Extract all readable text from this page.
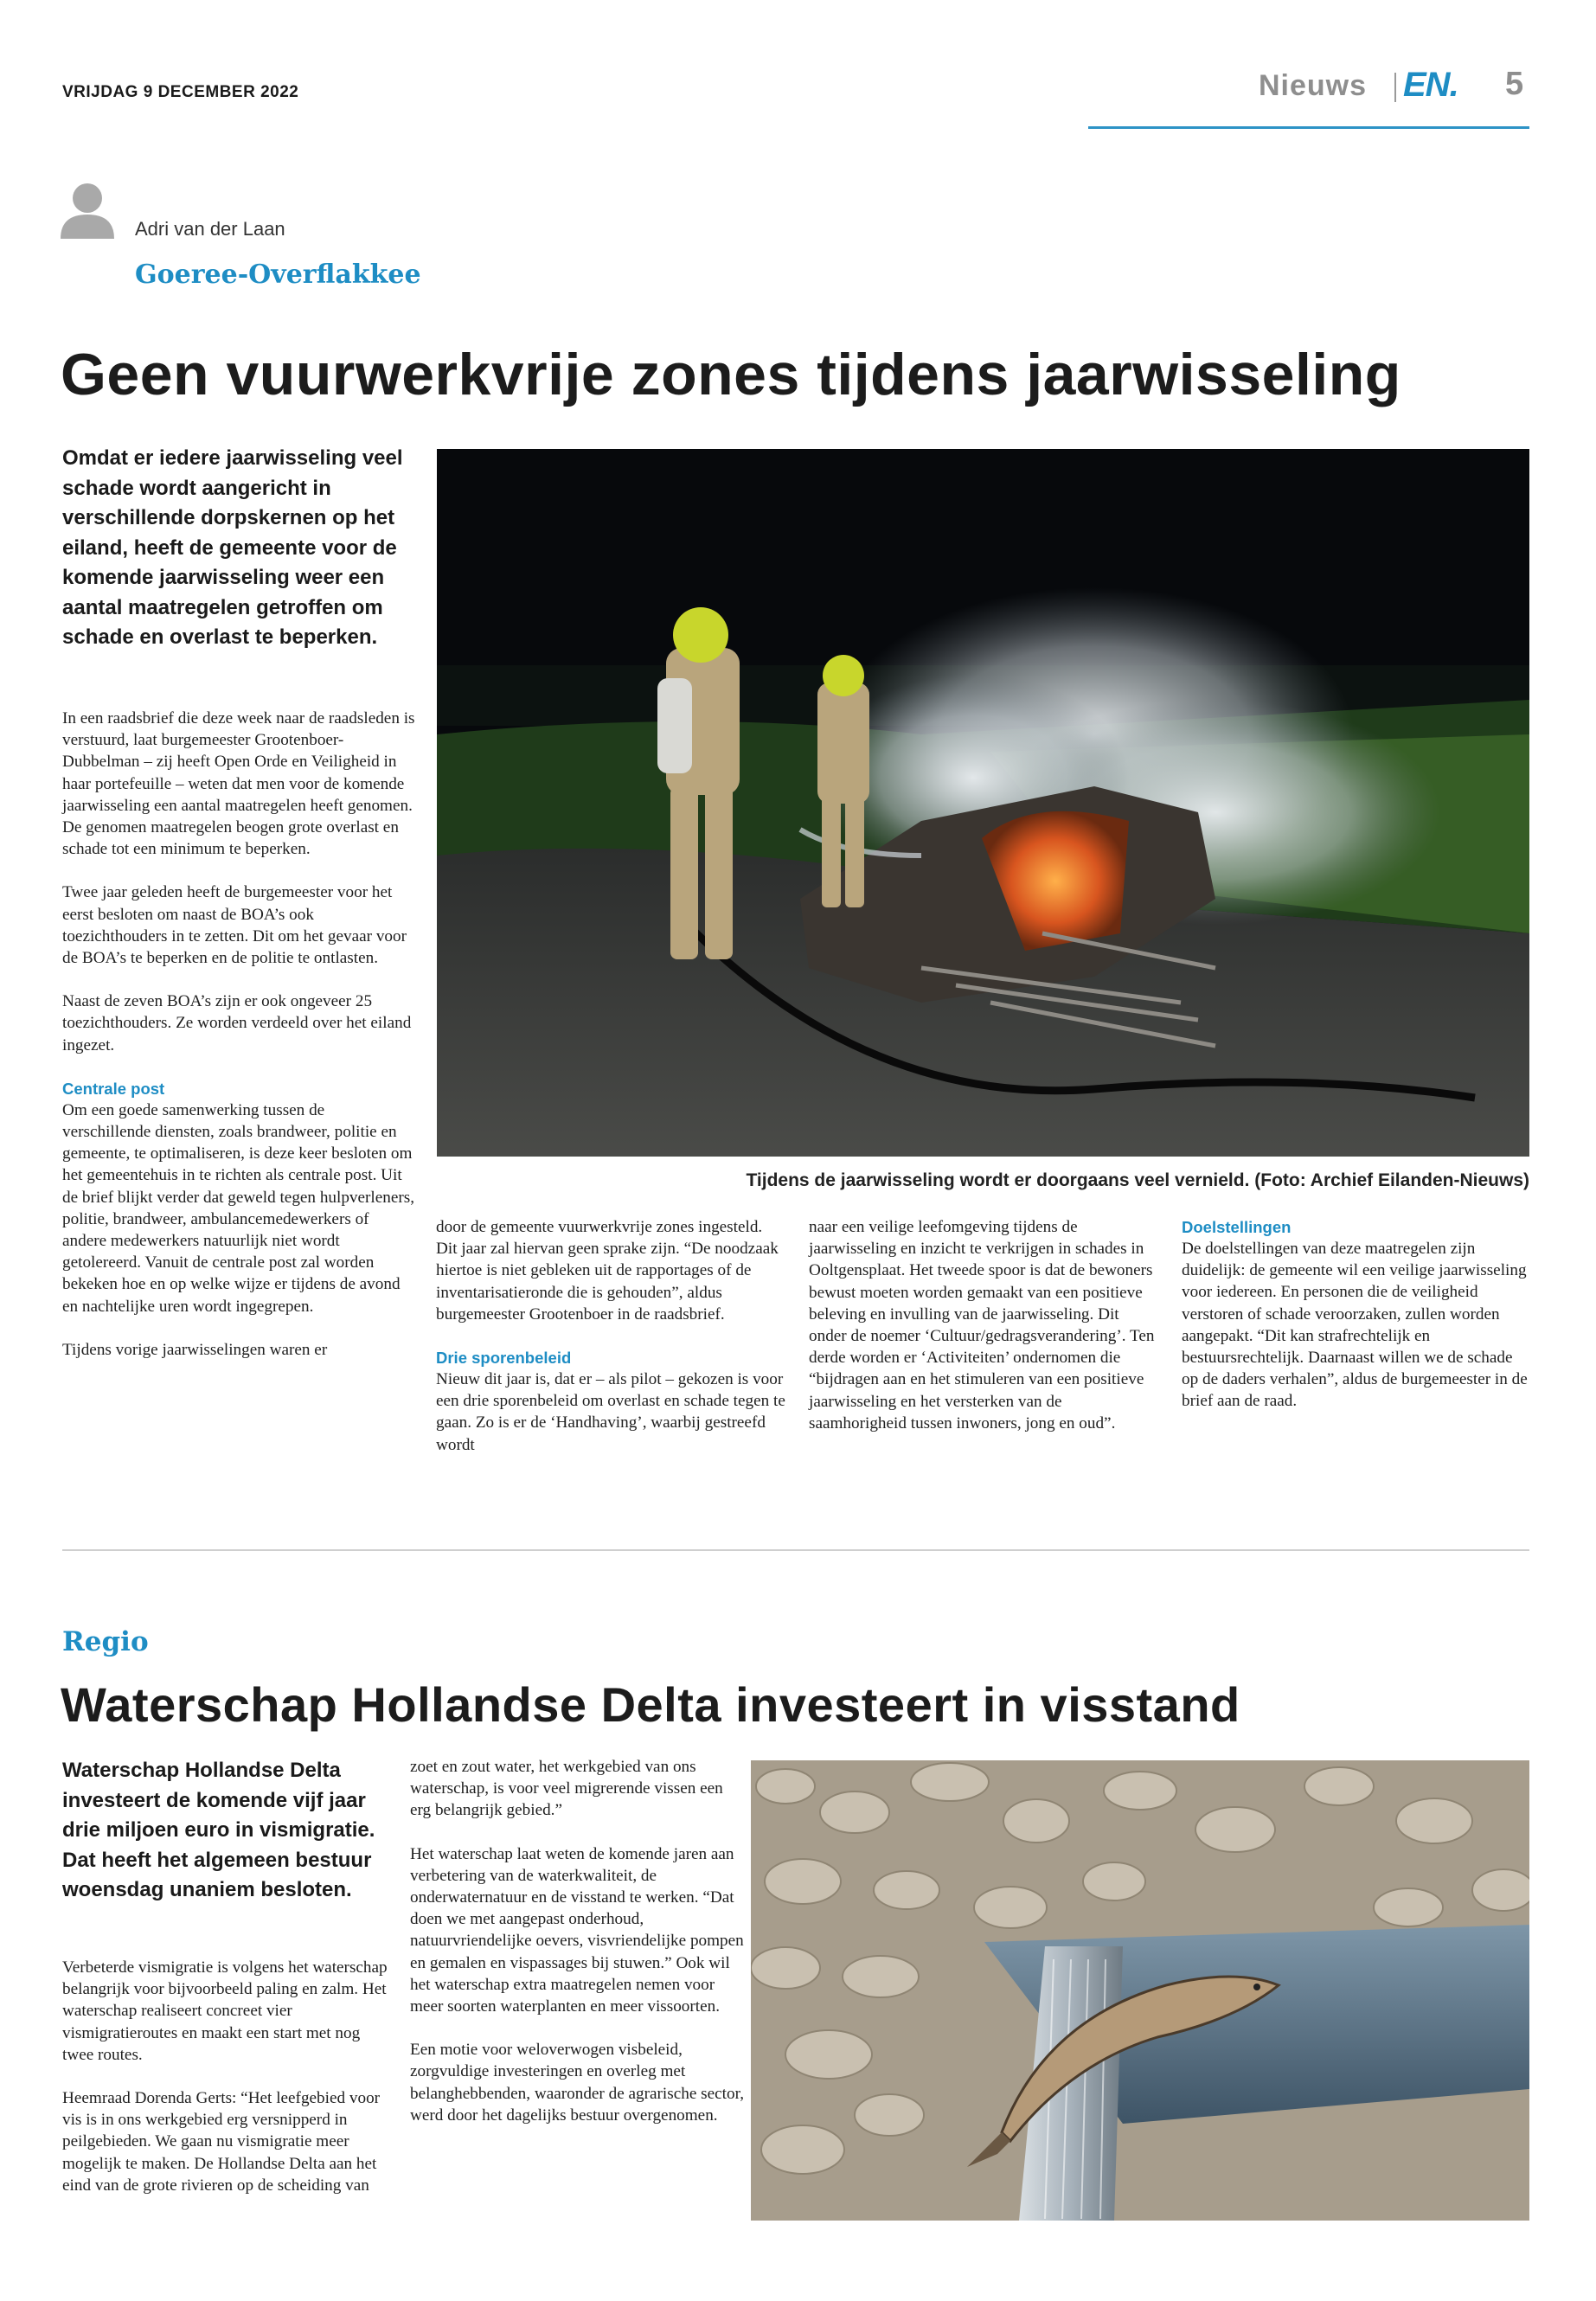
VRIJDAG 9 DECEMBER 2022	Nieuws EN. 5
Adri van der Laan
Goeree-Overflakkee
Geen vuurwerkvrije zones tijdens jaarwisseling
Omdat er iedere jaarwisseling veel schade wordt aangericht in verschillende dorpskernen op het eiland, heeft de gemeente voor de komende jaarwisseling weer een aantal maatregelen getroffen om schade en overlast te beperken.

In een raadsbrief die deze week naar de raadsleden is verstuurd, laat burgemeester Grootenboer-Dubbelman – zij heeft Open Orde en Veiligheid in haar portefeuille – weten dat men voor de komende jaarwisseling een aantal maatregelen heeft genomen. De genomen maatregelen beogen grote overlast en schade tot een minimum te beperken.

Twee jaar geleden heeft de burgemeester voor het eerst besloten om naast de BOA’s ook toezichthouders in te zetten. Dit om het gevaar voor de BOA’s te beperken en de politie te ontlasten.

Naast de zeven BOA’s zijn er ook ongeveer 25 toezichthouders. Ze worden verdeeld over het eiland ingezet.

Centrale post

Om een goede samenwerking tussen de verschillende diensten, zoals brandweer, politie en gemeente, te optimaliseren, is deze keer besloten om het gemeentehuis in te richten als centrale post. Uit de brief blijkt verder dat geweld tegen hulpverleners, politie, brandweer, ambulancemedewerkers of andere medewerkers natuurlijk niet wordt getolereerd. Vanuit de centrale post zal worden bekeken hoe en op welke wijze er tijdens de avond en nachtelijke uren wordt ingegrepen.

Tijdens vorige jaarwisselingen waren er

Tijdens de jaarwisseling wordt er doorgaans veel vernield. (Foto: Archief Eilanden-Nieuws)

door de gemeente vuurwerkvrije zones ingesteld. Dit jaar zal hiervan geen sprake zijn. “De noodzaak hiertoe is niet gebleken uit de rapportages of de inventarisatieronde die is gehouden”, aldus burgemeester Grootenboer in de raadsbrief.

Drie sporenbeleid

Nieuw dit jaar is, dat er – als pilot – gekozen is voor een drie sporenbeleid om overlast en schade tegen te gaan. Zo is er de ‘Handhaving’, waarbij gestreefd wordt

naar een veilige leefomgeving tijdens de jaarwisseling en inzicht te verkrijgen in schades in Ooltgensplaat. Het tweede spoor is dat de bewoners bewust moeten worden gemaakt van een positieve beleving en invulling van de jaarwisseling. Dit onder de noemer ‘Cultuur/gedragsverandering’. Ten derde worden er ‘Activiteiten’ ondernomen die “bijdragen aan en het stimuleren van een positieve jaarwisseling en het versterken van de saamhorigheid tussen inwoners, jong en oud”.

Doelstellingen

De doelstellingen van deze maatregelen zijn duidelijk: de gemeente wil een veilige jaarwisseling voor iedereen. En personen die de veiligheid verstoren of schade veroorzaken, zullen worden aangepakt. “Dit kan strafrechtelijk en bestuursrechtelijk. Daarnaast willen we de schade op de daders verhalen”, aldus de burgemeester in de brief aan de raad.

Regio
Waterschap Hollandse Delta investeert in visstand
Waterschap Hollandse Delta investeert de komende vijf jaar drie miljoen euro in vismigratie. Dat heeft het algemeen bestuur woensdag unaniem besloten.

Verbeterde vismigratie is volgens het waterschap belangrijk voor bijvoorbeeld paling en zalm. Het waterschap realiseert concreet vier vismigratieroutes en maakt een start met nog twee routes.

Heemraad Dorenda Gerts: “Het leefgebied voor vis is in ons werkgebied erg versnipperd in peilgebieden. We gaan nu vismigratie meer mogelijk te maken. De Hollandse Delta aan het eind van de grote rivieren op de scheiding van

zoet en zout water, het werkgebied van ons waterschap, is voor veel migrerende vissen een erg belangrijk gebied.”

Het waterschap laat weten de komende jaren aan verbetering van de waterkwaliteit, de onderwaternatuur en de visstand te werken. “Dat doen we met aangepast onderhoud, natuurvriendelijke oevers, visvriendelijke pompen en gemalen en vispassages bij stuwen.” Ook wil het waterschap extra maatregelen nemen voor meer soorten waterplanten en meer vissoorten.

Een motie voor weloverwogen visbeleid, zorgvuldige investeringen en overleg met belanghebbenden, waaronder de agrarische sector, werd door het dagelijks bestuur overgenomen.
